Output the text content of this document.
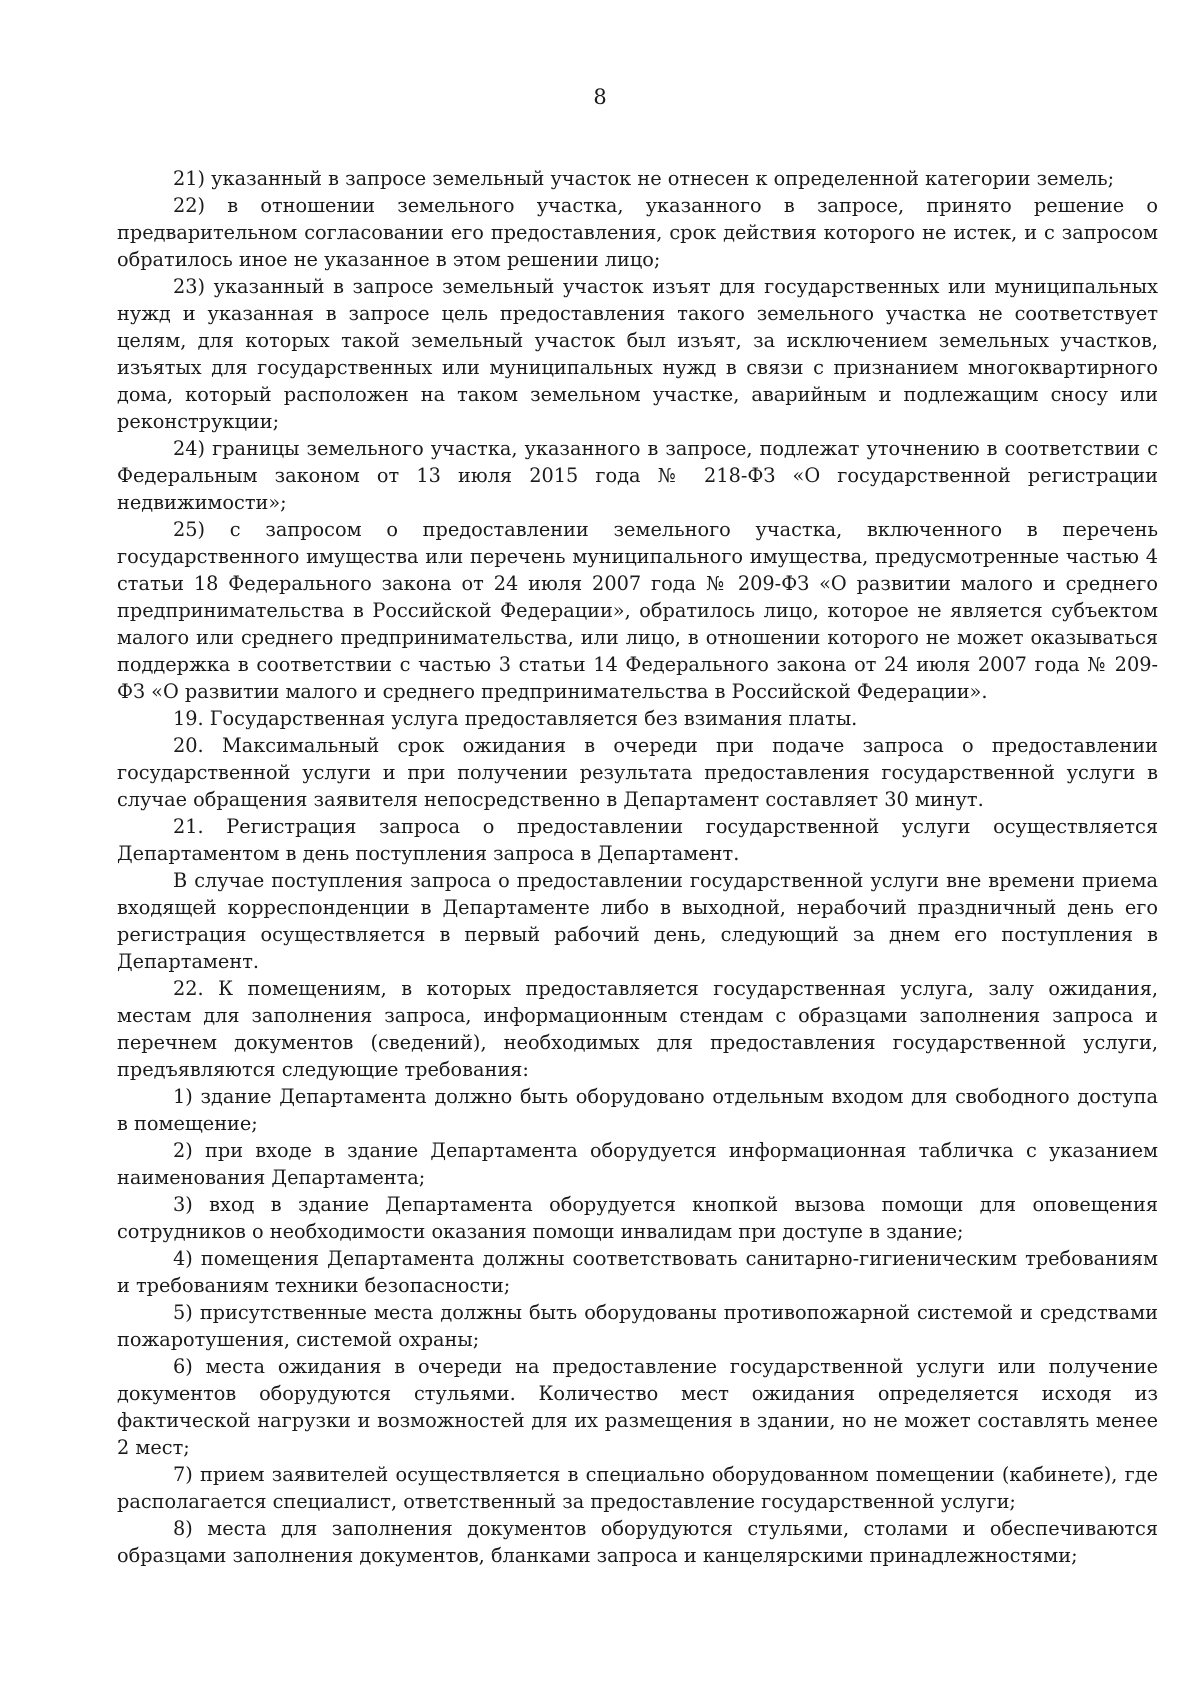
8

21) указанный в запросе земельный участок не отнесен к определенной категории земель;

22) в отношении земельного участка, указанного в запросе, принято решение о предварительном согласовании его предоставления, срок действия которого не истек, и с запросом обратилось иное не указанное в этом решении лицо;

23) указанный в запросе земельный участок изъят для государственных или муниципальных нужд и указанная в запросе цель предоставления такого земельного участка не соответствует целям, для которых такой земельный участок был изъят, за исключением земельных участков, изъятых для государственных или муниципальных нужд в связи с признанием многоквартирного дома, который расположен на таком земельном участке, аварийным и подлежащим сносу или реконструкции;

24) границы земельного участка, указанного в запросе, подлежат уточнению в соответствии с Федеральным законом от 13 июля 2015 года № 218-ФЗ «О государственной регистрации недвижимости»;

25) с запросом о предоставлении земельного участка, включенного в перечень государственного имущества или перечень муниципального имущества, предусмотренные частью 4 статьи 18 Федерального закона от 24 июля 2007 года № 209-ФЗ «О развитии малого и среднего предпринимательства в Российской Федерации», обратилось лицо, которое не является субъектом малого или среднего предпринимательства, или лицо, в отношении которого не может оказываться поддержка в соответствии с частью 3 статьи 14 Федерального закона от 24 июля 2007 года № 209-ФЗ «О развитии малого и среднего предпринимательства в Российской Федерации».

19. Государственная услуга предоставляется без взимания платы.

20. Максимальный срок ожидания в очереди при подаче запроса о предоставлении государственной услуги и при получении результата предоставления государственной услуги в случае обращения заявителя непосредственно в Департамент составляет 30 минут.

21. Регистрация запроса о предоставлении государственной услуги осуществляется Департаментом в день поступления запроса в Департамент.

В случае поступления запроса о предоставлении государственной услуги вне времени приема входящей корреспонденции в Департаменте либо в выходной, нерабочий праздничный день его регистрация осуществляется в первый рабочий день, следующий за днем его поступления в Департамент.

22. К помещениям, в которых предоставляется государственная услуга, залу ожидания, местам для заполнения запроса, информационным стендам с образцами заполнения запроса и перечнем документов (сведений), необходимых для предоставления государственной услуги, предъявляются следующие требования:

1) здание Департамента должно быть оборудовано отдельным входом для свободного доступа в помещение;

2) при входе в здание Департамента оборудуется информационная табличка с указанием наименования Департамента;

3) вход в здание Департамента оборудуется кнопкой вызова помощи для оповещения сотрудников о необходимости оказания помощи инвалидам при доступе в здание;

4) помещения Департамента должны соответствовать санитарно-гигиеническим требованиям и требованиям техники безопасности;

5) присутственные места должны быть оборудованы противопожарной системой и средствами пожаротушения, системой охраны;

6) места ожидания в очереди на предоставление государственной услуги или получение документов оборудуются стульями. Количество мест ожидания определяется исходя из фактической нагрузки и возможностей для их размещения в здании, но не может составлять менее 2 мест;

7) прием заявителей осуществляется в специально оборудованном помещении (кабинете), где располагается специалист, ответственный за предоставление государственной услуги;

8) места для заполнения документов оборудуются стульями, столами и обеспечиваются образцами заполнения документов, бланками запроса и канцелярскими принадлежностями;
